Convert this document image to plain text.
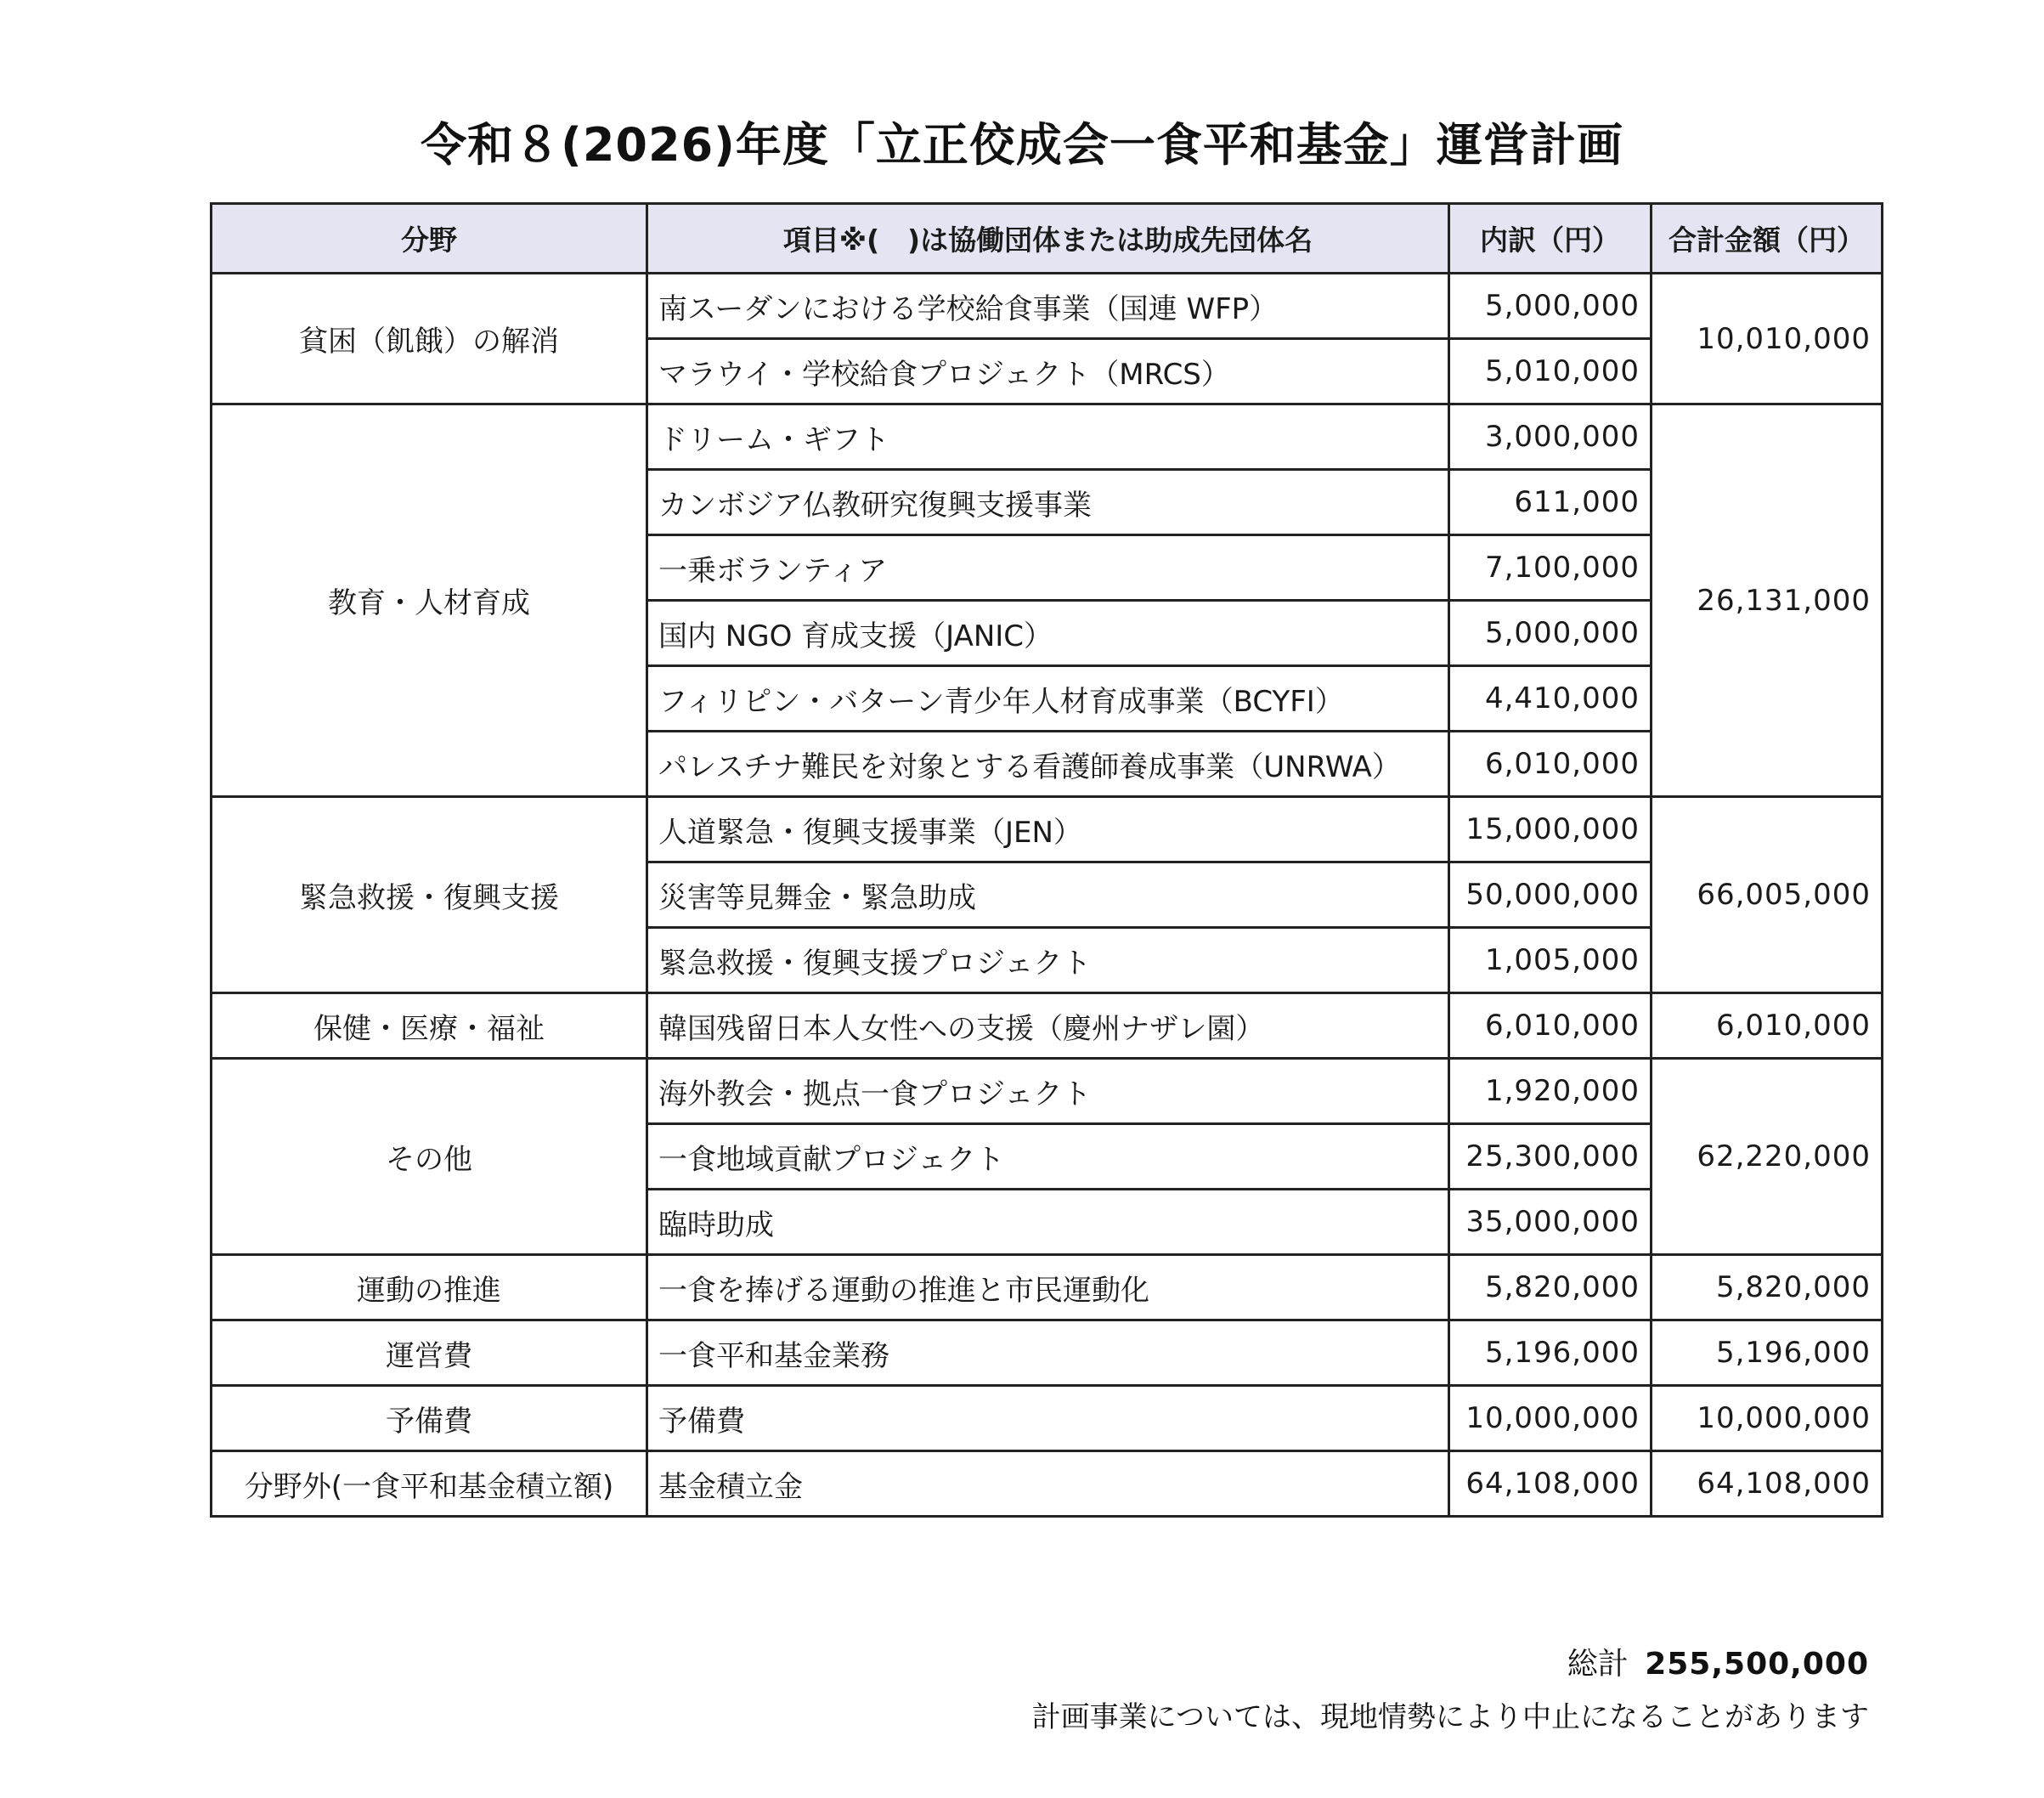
令和８(2026)年度「立正佼成会一食平和基金」運営計画
分野	項目※(　)は協働団体または助成先団体名	内訳（円）	合計金額（円）
貧困（飢餓）の解消	南スーダンにおける学校給食事業（国連 WFP）	5,000,000	10,010,000
	マラウイ・学校給食プロジェクト（MRCS）	5,010,000	
教育・人材育成	ドリーム・ギフト	3,000,000	26,131,000
	カンボジア仏教研究復興支援事業	611,000	
	一乗ボランティア	7,100,000	
	国内 NGO 育成支援（JANIC）	5,000,000	
	フィリピン・バターン青少年人材育成事業（BCYFI）	4,410,000	
	パレスチナ難民を対象とする看護師養成事業（UNRWA）	6,010,000	
緊急救援・復興支援	人道緊急・復興支援事業（JEN）	15,000,000	66,005,000
	災害等見舞金・緊急助成	50,000,000	
	緊急救援・復興支援プロジェクト	1,005,000	
保健・医療・福祉	韓国残留日本人女性への支援（慶州ナザレ園）	6,010,000	6,010,000
その他	海外教会・拠点一食プロジェクト	1,920,000	62,220,000
	一食地域貢献プロジェクト	25,300,000	
	臨時助成	35,000,000	
運動の推進	一食を捧げる運動の推進と市民運動化	5,820,000	5,820,000
運営費	一食平和基金業務	5,196,000	5,196,000
予備費	予備費	10,000,000	10,000,000
分野外(一食平和基金積立額)	基金積立金	64,108,000	64,108,000
総計 255,500,000
計画事業については、現地情勢により中止になることがあります
